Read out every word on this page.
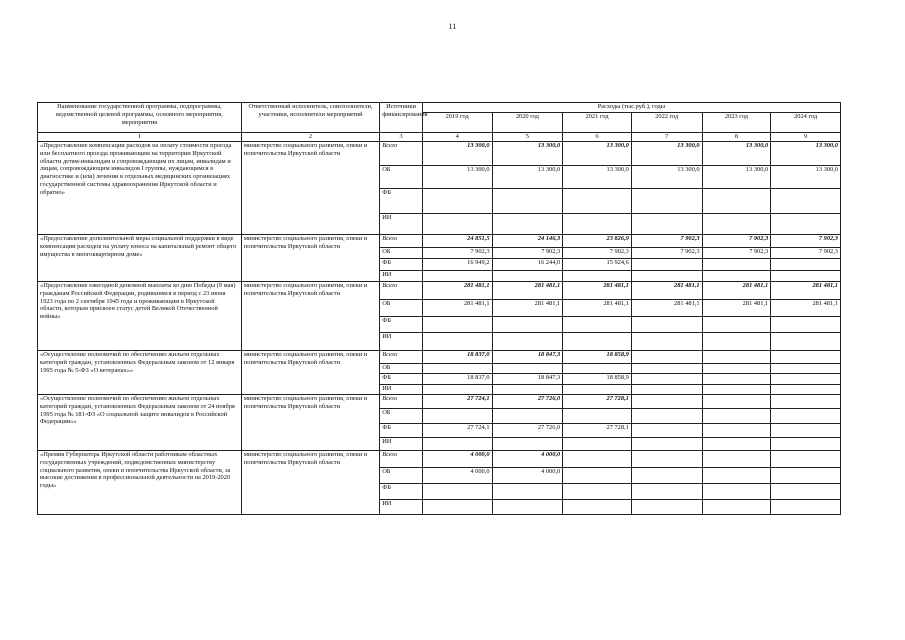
11
Наименование государственной программы, подпрограммы, ведомственной целевой программы, основного мероприятия, мероприятия	Ответственный исполнитель, соисполнители, участники, исполнители мероприятий	Источники финансирования	Расходы (тыс.руб.), годы					
			2019 год	2020 год	2021 год	2022 год	2023 год	2024 год
1	2	3	4	5	6	7	8	9
«Предоставление компенсации расходов на оплату стоимости проезда или бесплатного проезда проживающим на территории Иркутской области детям-инвалидам и сопровождающим их лицам, инвалидам и лицам, сопровождающим инвалидов I группы, нуждающимся в диагностике и (или) лечении в отдельных медицинских организациях государственной системы здравоохранения Иркутской области и обратно»	министерство социального развития, опеки и попечительства Иркутской области	Всего	13 300,0	13 300,0	13 300,0	13 300,0	13 300,0	13 300,0
		ОБ	13 300,0	13 300,0	13 300,0	13 300,0	13 300,0	13 300,0
		ФБ						
		ИИ						
«Предоставление дополнительной меры социальной поддержки в виде компенсации расходов на уплату взноса на капитальный ремонт общего имущества в многоквартирном доме»	министерство социального развития, опеки и попечительства Иркутской области	Всего	24 851,5	24 146,3	23 826,9	7 902,3	7 902,3	7 902,3
		ОБ	7 902,3	7 902,3	7 902,3	7 902,3	7 902,3	7 902,3
		ФБ	16 949,2	16 244,0	15 924,6			
		ИИ						
«Предоставление ежегодной денежной выплаты ко дню Победы (9 мая) гражданам Российской Федерации, родившимся в период с 23 июня 1923 года по 2 сентября 1945 года и проживающим в Иркутской области, которым присвоен статус детей Великой Отечественной войны»	министерство социального развития, опеки и попечительства Иркутской области	Всего	281 481,1	281 481,1	281 481,1	281 481,1	281 481,1	281 481,1
		ОБ	281 481,1	281 481,1	281 481,1	281 481,1	281 481,1	281 481,1
		ФБ						
		ИИ						
«Осуществление полномочий по обеспечению жильем отдельных категорий граждан, установленных Федеральным законом от 12 января 1995 года № 5-ФЗ «О ветеранах»»	министерство социального развития, опеки и попечительства Иркутской области	Всего	18 837,0	18 847,3	18 858,9			
		ОБ						
		ФБ	18 837,0	18 847,3	18 858,9			
		ИИ						
«Осуществление полномочий по обеспечению жильем отдельных категорий граждан, установленных Федеральным законом от 24 ноября 1995 года № 181-ФЗ «О социальной защите инвалидов в Российской Федерации»»	министерство социального развития, опеки и попечительства Иркутской области	Всего	27 724,1	27 726,0	27 728,1			
		ОБ						
		ФБ	27 724,1	27 726,0	27 728,1			
		ИИ						
«Премия Губернатора Иркутской области работникам областных государственных учреждений, подведомственных министерству социального развития, опеки и попечительства Иркутской области, за высокие достижения в профессиональной деятельности на 2019-2020 годы»	министерство социального развития, опеки и попечительства Иркутской области	Всего	4 000,0	4 000,0				
		ОБ	4 000,0	4 000,0				
		ФБ						
		ИИ						
